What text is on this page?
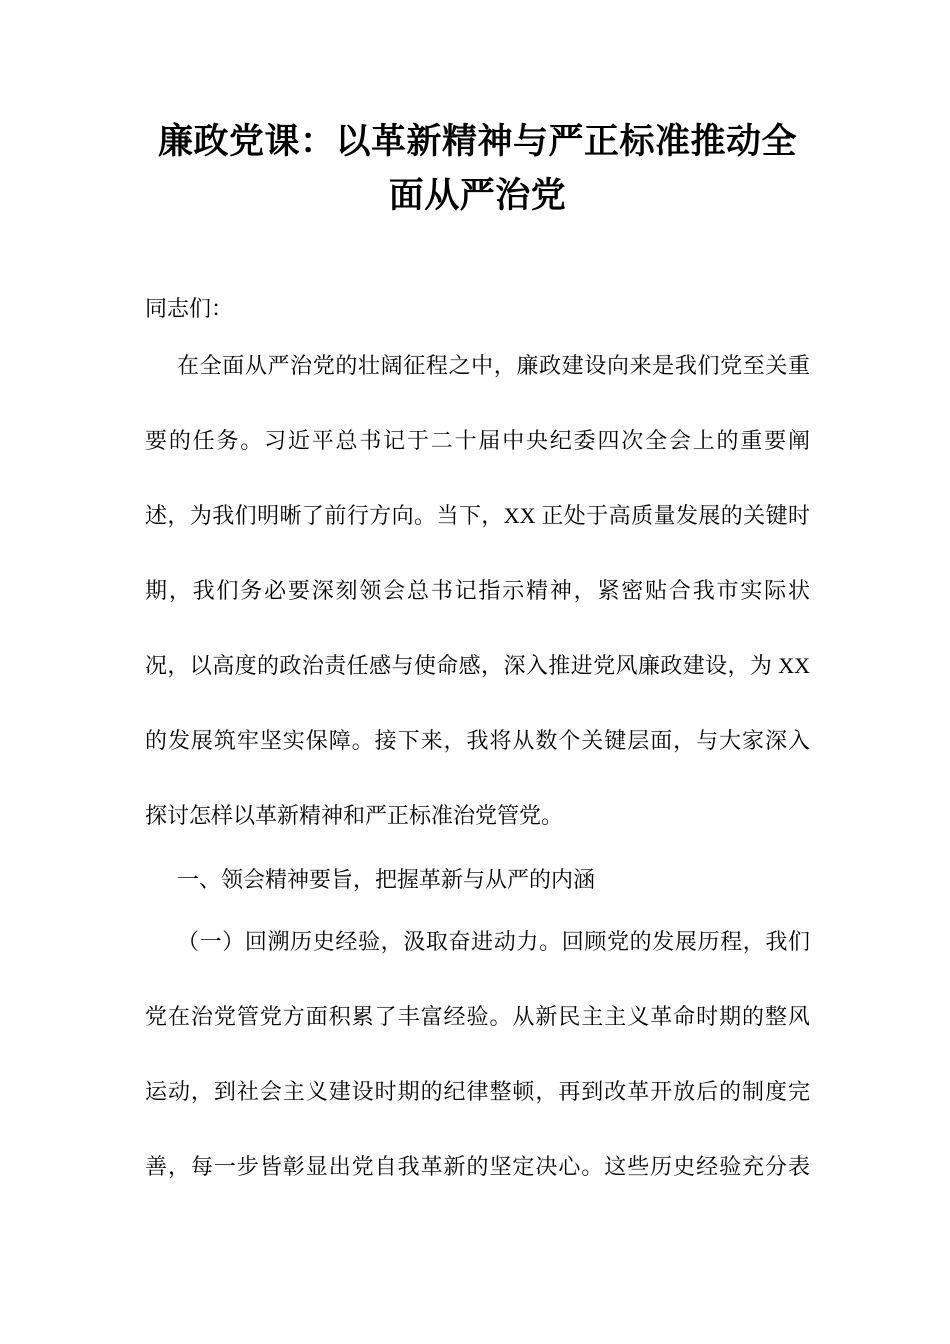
廉政党课：以革新精神与严正标准推动全
面从严治党
同志们：
在全面从严治党的壮阔征程之中，廉政建设向来是我们党至关重
要的任务。习近平总书记于二十届中央纪委四次全会上的重要阐
述，为我们明晰了前行方向。当下，XX 正处于高质量发展的关键时
期，我们务必要深刻领会总书记指示精神，紧密贴合我市实际状
况，以高度的政治责任感与使命感，深入推进党风廉政建设，为 XX
的发展筑牢坚实保障。接下来，我将从数个关键层面，与大家深入
探讨怎样以革新精神和严正标准治党管党。
一、领会精神要旨，把握革新与从严的内涵
（一）回溯历史经验，汲取奋进动力。回顾党的发展历程，我们
党在治党管党方面积累了丰富经验。从新民主主义革命时期的整风
运动，到社会主义建设时期的纪律整顿，再到改革开放后的制度完
善，每一步皆彰显出党自我革新的坚定决心。这些历史经验充分表
